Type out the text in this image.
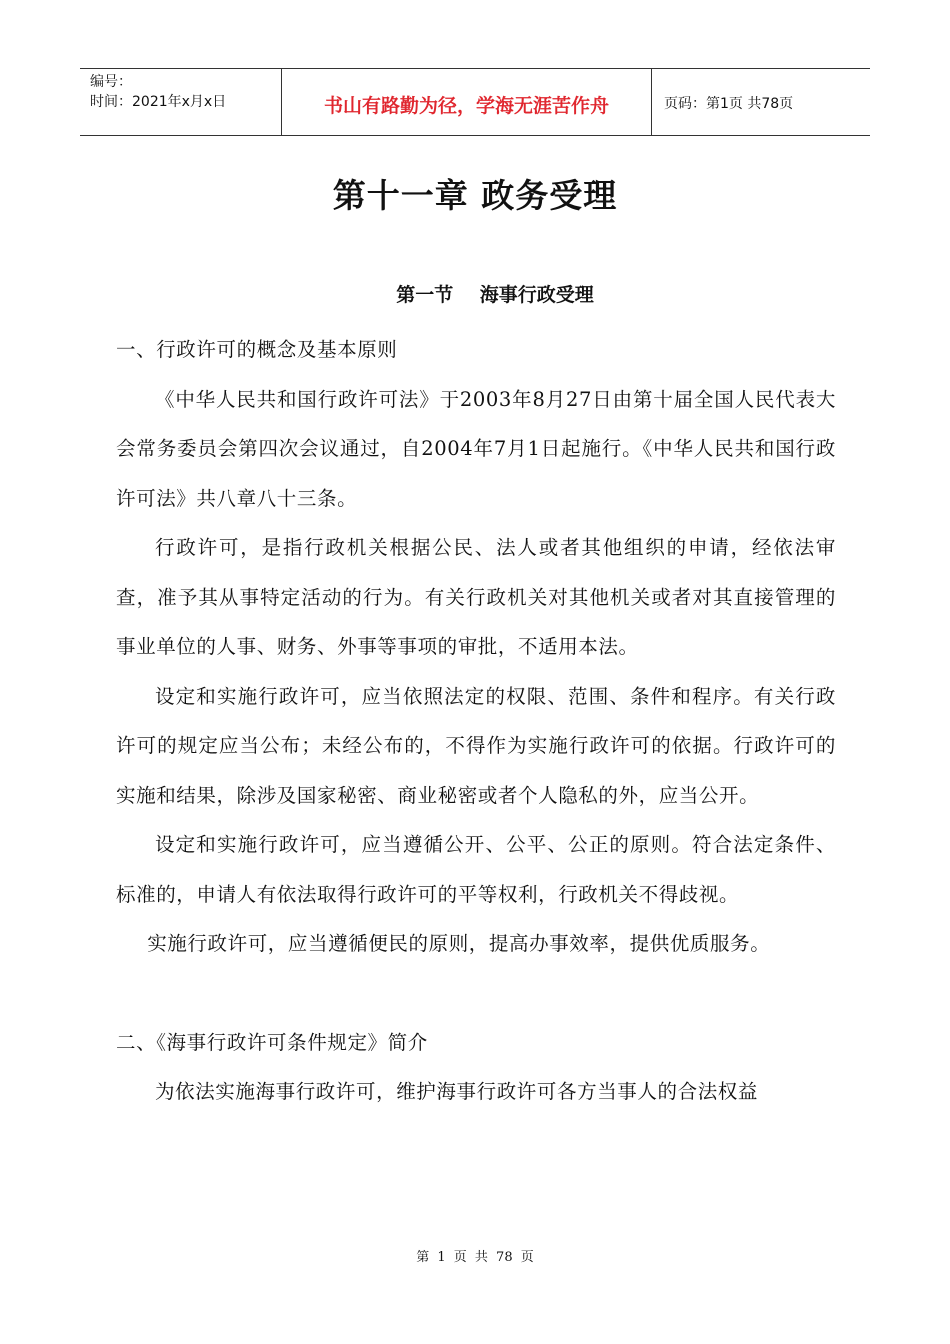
编号：
时间：2021年x月x日	书山有路勤为径，学海无涯苦作舟	页码：第1页 共78页
第十一章 政务受理
第一节    海事行政受理

一、行政许可的概念及基本原则

《中华人民共和国行政许可法》于2003年8月27日由第十届全国人民代表大会常务委员会第四次会议通过，自2004年7月1日起施行。《中华人民共和国行政许可法》共八章八十三条。

行政许可，是指行政机关根据公民、法人或者其他组织的申请，经依法审查，准予其从事特定活动的行为。有关行政机关对其他机关或者对其直接管理的事业单位的人事、财务、外事等事项的审批，不适用本法。

设定和实施行政许可，应当依照法定的权限、范围、条件和程序。有关行政许可的规定应当公布；未经公布的，不得作为实施行政许可的依据。行政许可的实施和结果，除涉及国家秘密、商业秘密或者个人隐私的外，应当公开。

设定和实施行政许可，应当遵循公开、公平、公正的原则。符合法定条件、标准的，申请人有依法取得行政许可的平等权利，行政机关不得歧视。

实施行政许可，应当遵循便民的原则，提高办事效率，提供优质服务。

二、《海事行政许可条件规定》简介

为依法实施海事行政许可，维护海事行政许可各方当事人的合法权益

第 1 页 共 78 页
